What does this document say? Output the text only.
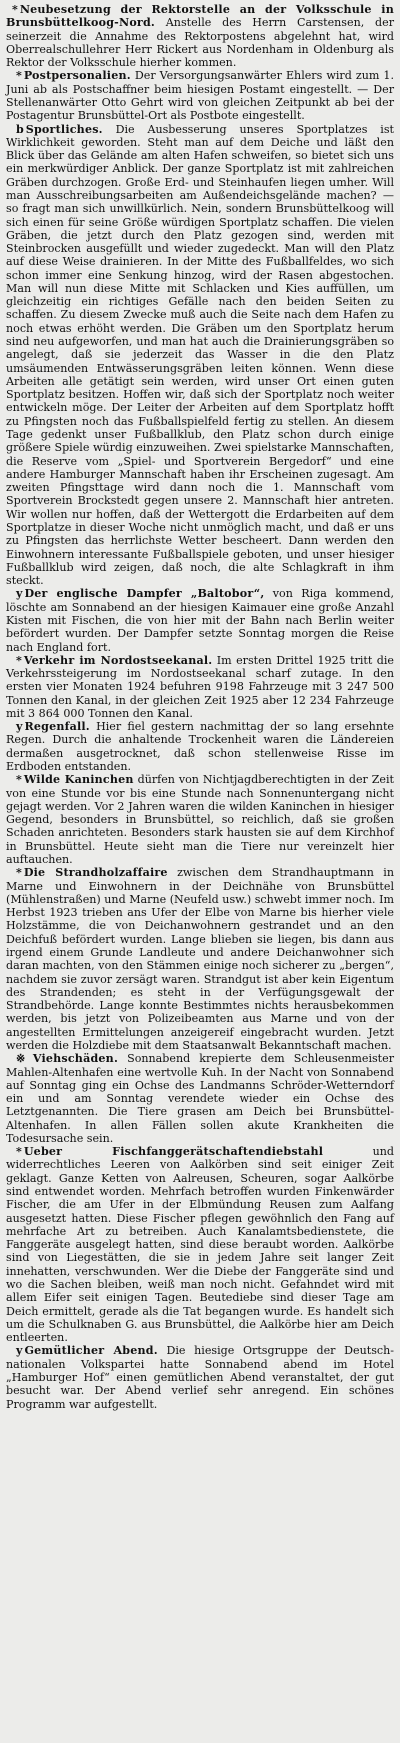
* Neubesetzung der Rektorstelle an der Volksschule in Brunsbüttelkoog-Nord. Anstelle des Herrn Carstensen, der seinerzeit die Annahme des Rektorpostens abgelehnt hat, wird Oberrealschullehrer Herr Rickert aus Nordenham in Oldenburg als Rektor der Volksschule hierher kommen.

* Postpersonalien. Der Versorgungsanwärter Ehlers wird zum 1. Juni ab als Postschaffner beim hiesigen Postamt eingestellt. — Der Stellenanwärter Otto Gehrt wird von gleichen Zeitpunkt ab bei der Postagentur Brunsbüttel-Ort als Postbote eingestellt.

b Sportliches. Die Ausbesserung unseres Sportplatzes ist Wirklichkeit geworden. Steht man auf dem Deiche und läßt den Blick über das Gelände am alten Hafen schweifen, so bietet sich uns ein merkwürdiger Anblick. Der ganze Sportplatz ist mit zahlreichen Gräben durchzogen. Große Erd- und Steinhaufen liegen umher. Will man Ausschreibungsarbeiten am Außendeichsgelände machen? — so fragt man sich unwillkürlich. Nein, sondern Brunsbüttelkoog will sich einen für seine Größe würdigen Sportplatz schaffen. Die vielen Gräben, die jetzt durch den Platz gezogen sind, werden mit Steinbrocken ausgefüllt und wieder zugedeckt. Man will den Platz auf diese Weise drainieren. In der Mitte des Fußballfeldes, wo sich schon immer eine Senkung hinzog, wird der Rasen abgestochen. Man will nun diese Mitte mit Schlacken und Kies auffüllen, um gleichzeitig ein richtiges Gefälle nach den beiden Seiten zu schaffen. Zu diesem Zwecke muß auch die Seite nach dem Hafen zu noch etwas erhöht werden. Die Gräben um den Sportplatz herum sind neu aufgeworfen, und man hat auch die Drainierungsgräben so angelegt, daß sie jederzeit das Wasser in die den Platz umsäumenden Entwässerungsgräben leiten können. Wenn diese Arbeiten alle getätigt sein werden, wird unser Ort einen guten Sportplatz besitzen. Hoffen wir, daß sich der Sportplatz noch weiter entwickeln möge. Der Leiter der Arbeiten auf dem Sportplatz hofft zu Pfingsten noch das Fußballspielfeld fertig zu stellen. An diesem Tage gedenkt unser Fußballklub, den Platz schon durch einige größere Spiele würdig einzuweihen. Zwei spielstarke Mannschaften, die Reserve vom „Spiel- und Sportverein Bergedorf“ und eine andere Hamburger Mannschaft haben ihr Erscheinen zugesagt. Am zweiten Pfingsttage wird dann noch die 1. Mannschaft vom Sportverein Brockstedt gegen unsere 2. Mannschaft hier antreten. Wir wollen nur hoffen, daß der Wettergott die Erdarbeiten auf dem Sportplatze in dieser Woche nicht unmöglich macht, und daß er uns zu Pfingsten das herrlichste Wetter bescheert. Dann werden den Einwohnern interessante Fußballspiele geboten, und unser hiesiger Fußballklub wird zeigen, daß noch, die alte Schlagkraft in ihm steckt.

y Der englische Dampfer „Baltobor“, von Riga kommend, löschte am Sonnabend an der hiesigen Kaimauer eine große Anzahl Kisten mit Fischen, die von hier mit der Bahn nach Berlin weiter befördert wurden. Der Dampfer setzte Sonntag morgen die Reise nach England fort.

* Verkehr im Nordostseekanal. Im ersten Drittel 1925 tritt die Verkehrssteigerung im Nordostseekanal scharf zutage. In den ersten vier Monaten 1924 befuhren 9198 Fahrzeuge mit 3 247 500 Tonnen den Kanal, in der gleichen Zeit 1925 aber 12 234 Fahrzeuge mit 3 864 000 Tonnen den Kanal.

y Regenfall. Hier fiel gestern nachmittag der so lang ersehnte Regen. Durch die anhaltende Trockenheit waren die Ländereien dermaßen ausgetrocknet, daß schon stellenweise Risse im Erdboden entstanden.

* Wilde Kaninchen dürfen von Nichtjagdberechtigten in der Zeit von eine Stunde vor bis eine Stunde nach Sonnenuntergang nicht gejagt werden. Vor 2 Jahren waren die wilden Kaninchen in hiesiger Gegend, besonders in Brunsbüttel, so reichlich, daß sie großen Schaden anrichteten. Besonders stark hausten sie auf dem Kirchhof in Brunsbüttel. Heute sieht man die Tiere nur vereinzelt hier auftauchen.

* Die Strandholzaffaire zwischen dem Strandhauptmann in Marne und Einwohnern in der Deichnähe von Brunsbüttel (Mühlenstraßen) und Marne (Neufeld usw.) schwebt immer noch. Im Herbst 1923 trieben ans Ufer der Elbe von Marne bis hierher viele Holzstämme, die von Deichanwohnern gestrandet und an den Deichfuß befördert wurden. Lange blieben sie liegen, bis dann aus irgend einem Grunde Landleute und andere Deichanwohner sich daran machten, von den Stämmen einige noch sicherer zu „bergen“, nachdem sie zuvor zersägt waren. Strandgut ist aber kein Eigentum des Strandenden; es steht in der Verfügungsgewalt der Strandbehörde. Lange konnte Bestimmtes nichts herausbekommen werden, bis jetzt von Polizeibeamten aus Marne und von der angestellten Ermittelungen anzeigereif eingebracht wurden. Jetzt werden die Holzdiebe mit dem Staatsanwalt Bekanntschaft machen.

※ Viehschäden. Sonnabend krepierte dem Schleusenmeister Mahlen-Altenhafen eine wertvolle Kuh. In der Nacht von Sonnabend auf Sonntag ging ein Ochse des Landmanns Schröder-Wetterndorf ein und am Sonntag verendete wieder ein Ochse des Letztgenannten. Die Tiere grasen am Deich bei Brunsbüttel-Altenhafen. In allen Fällen sollen akute Krankheiten die Todesursache sein.

* Ueber Fischfanggerätschaftendiebstahl und widerrechtliches Leeren von Aalkörben sind seit einiger Zeit geklagt. Ganze Ketten von Aalreusen, Scheuren, sogar Aalkörbe sind entwendet worden. Mehrfach betroffen wurden Finkenwärder Fischer, die am Ufer in der Elbmündung Reusen zum Aalfang ausgesetzt hatten. Diese Fischer pflegen gewöhnlich den Fang auf mehrfache Art zu betreiben. Auch Kanalamtsbedienstete, die Fanggeräte ausgelegt hatten, sind diese beraubt worden. Aalkörbe sind von Liegestätten, die sie in jedem Jahre seit langer Zeit innehatten, verschwunden. Wer die Diebe der Fanggeräte sind und wo die Sachen bleiben, weiß man noch nicht. Gefahndet wird mit allem Eifer seit einigen Tagen. Beutediebe sind dieser Tage am Deich ermittelt, gerade als die Tat begangen wurde. Es handelt sich um die Schulknaben G. aus Brunsbüttel, die Aalkörbe hier am Deich entleerten.

y Gemütlicher Abend. Die hiesige Ortsgruppe der Deutsch-nationalen Volkspartei hatte Sonnabend abend im Hotel „Hamburger Hof“ einen gemütlichen Abend veranstaltet, der gut besucht war. Der Abend verlief sehr anregend. Ein schönes Programm war aufgestellt.
